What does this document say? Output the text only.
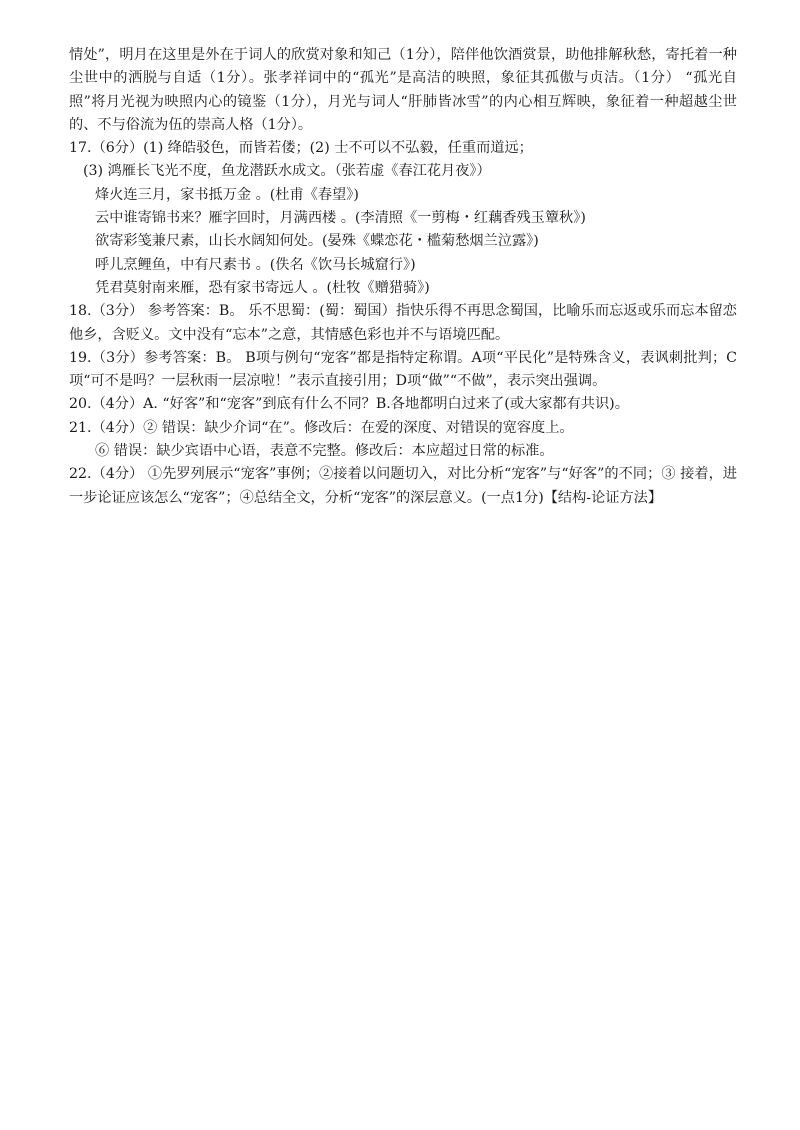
情处”，明月在这里是外在于词人的欣赏对象和知己（1分），陪伴他饮酒赏景，助他排解秋愁，寄托着一种尘世中的洒脱与自适（1分）。张孝祥词中的“孤光”是高洁的映照，象征其孤傲与贞洁。（1分） “孤光自照”将月光视为映照内心的镜鉴（1分），月光与词人“肝肺皆冰雪”的内心相互辉映，象征着一种超越尘世的、不与俗流为伍的崇高人格（1分）。

17.（6分）(1) 绛皓驳色，而皆若偻；(2) 士不可以不弘毅，任重而道远；

(3) 鸿雁长飞光不度，鱼龙潜跃水成文。（张若虚《春江花月夜》）

烽火连三月，家书抵万金 。(杜甫《春望》)

云中谁寄锦书来？雁字回时，月满西楼 。(李清照《一剪梅・红藕香残玉簟秋》)

欲寄彩笺兼尺素，山长水阔知何处。(晏殊《蝶恋花・槛菊愁烟兰泣露》)

呼儿烹鲤鱼，中有尺素书 。(佚名《饮马长城窟行》)

凭君莫射南来雁，恐有家书寄远人 。(杜牧《赠猎骑》)

18.（3分） 参考答案：B。 乐不思蜀：(蜀：蜀国）指快乐得不再思念蜀国，比喻乐而忘返或乐而忘本留恋他乡，含贬义。文中没有“忘本”之意，其情感色彩也并不与语境匹配。

19.（3分）参考答案：B。 B项与例句“宠客”都是指特定称谓。A项“平民化”是特殊含义，表讽刺批判；C项“可不是吗？一层秋雨一层凉啦！”表示直接引用；D项“做”“不做”，表示突出强调。

20.（4分）A. “好客”和“宠客”到底有什么不同？B.各地都明白过来了(或大家都有共识)。

21.（4分）② 错误：缺少介词“在”。修改后：在爱的深度、对错误的宽容度上。

⑥ 错误：缺少宾语中心语，表意不完整。修改后：本应超过日常的标准。

22.（4分） ①先罗列展示“宠客”事例；②接着以问题切入，对比分析“宠客”与“好客”的不同；③ 接着，进一步论证应该怎么“宠客”；④总结全文，分析“宠客”的深层意义。(一点1分)【结构-论证方法】
